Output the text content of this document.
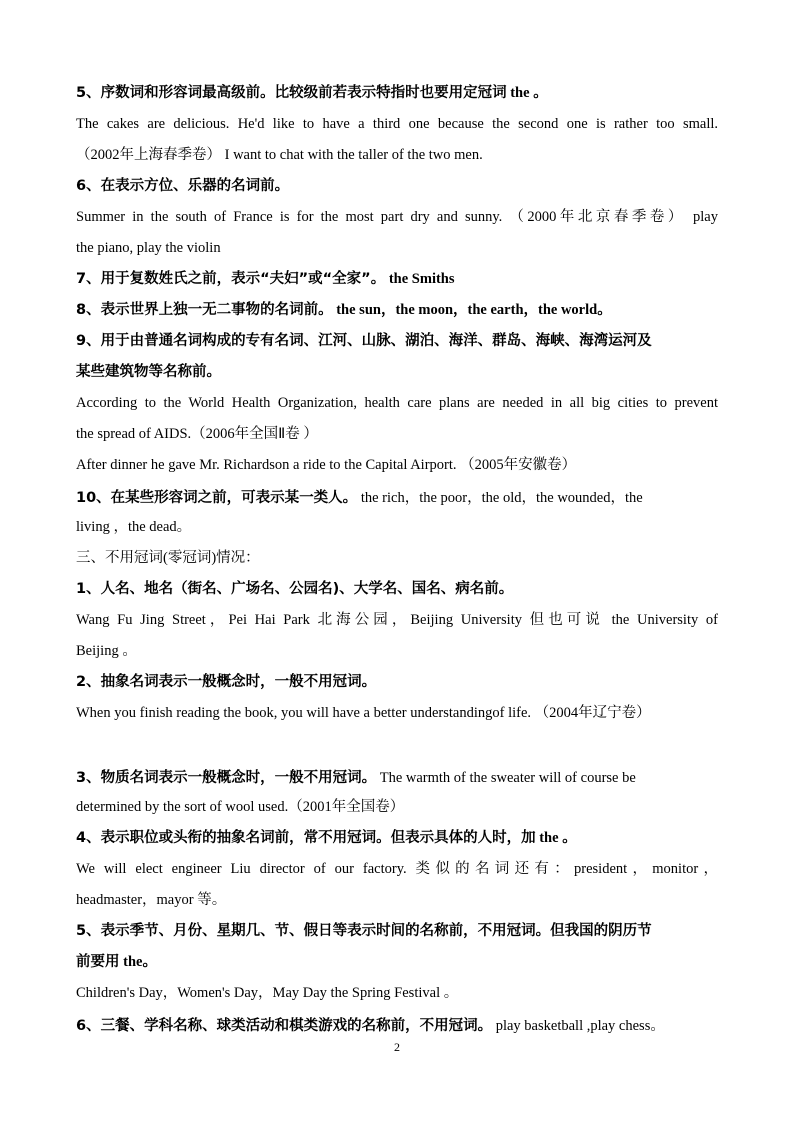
5、序数词和形容词最高级前。比较级前若表示特指时也要用定冠词 the 。
The cakes are delicious. He'd like to have a third one because the second one is rather too small.
（2002年上海春季卷） I want to chat with the taller of the two men.
6、在表示方位、乐器的名词前。
Summer in the south of France is for the most part dry and sunny. （2000年北京春季卷） play
the piano, play the violin
7、用于复数姓氏之前，表示“夫妇”或“全家”。 the Smiths
8、表示世界上独一无二事物的名词前。 the sun，the moon，the earth，the world。
9、用于由普通名词构成的专有名词、江河、山脉、湖泊、海洋、群岛、海峡、海湾运河及
某些建筑物等名称前。
According to the World Health Organization, health care plans are needed in all big cities to prevent
the spread of AIDS.（2006年全国Ⅱ卷 ）
After dinner he gave Mr. Richardson a ride to the Capital Airport. （2005年安徽卷）
10、在某些形容词之前，可表示某一类人。 the rich，the poor，the old，the wounded，the
living ，the dead。
三、不用冠词(零冠词)情况：
1、人名、地名（街名、广场名、公园名)、大学名、国名、病名前。
Wang Fu Jing Street，Pei Hai Park 北海公园，Beijing University 但也可说 the University of
Beijing 。
2、抽象名词表示一般概念时，一般不用冠词。
When you finish reading the book, you will have a better understandingof life. （2004年辽宁卷）
3、物质名词表示一般概念时，一般不用冠词。 The warmth of the sweater will of course be
determined by the sort of wool used.（2001年全国卷）
4、表示职位或头衔的抽象名词前，常不用冠词。但表示具体的人时，加 the 。
We will elect engineer Liu director of our factory. 类似的名词还有：president，monitor，
headmaster，mayor 等。
5、表示季节、月份、星期几、节、假日等表示时间的名称前，不用冠词。但我国的阴历节
前要用 the。
Children's Day，Women's Day，May Day the Spring Festival 。
6、三餐、学科名称、球类活动和棋类游戏的名称前，不用冠词。 play basketball ,play chess。
2
